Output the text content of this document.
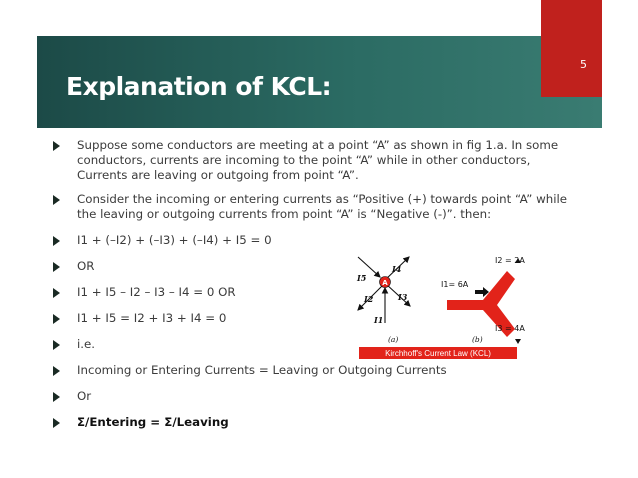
5
Explanation of KCL:
Suppose some conductors are meeting at a point “A” as shown in fig 1.a. In some conductors, currents are incoming to the point “A” while in other conductors, Currents are leaving or outgoing from point “A”.
Consider the incoming or entering currents as “Positive (+) towards point “A” while the leaving or outgoing currents from point “A” is “Negative (-)”. then:
I1 + (–I2) + (–I3) + (–I4) + I5 = 0
OR
I1 + I5 – I2 – I3 – I4 = 0 OR
I1 + I5 = I2 + I3 + I4 = 0
i.e.
Incoming or Entering Currents = Leaving or Outgoing Currents
Or
Σ/Entering = Σ/Leaving
A
I4
I5
I2	I3
I1
I1= 6A
I2 = 2A
I3 = 4A
(a)	(b)
Kirchhoff's Current Law (KCL)
